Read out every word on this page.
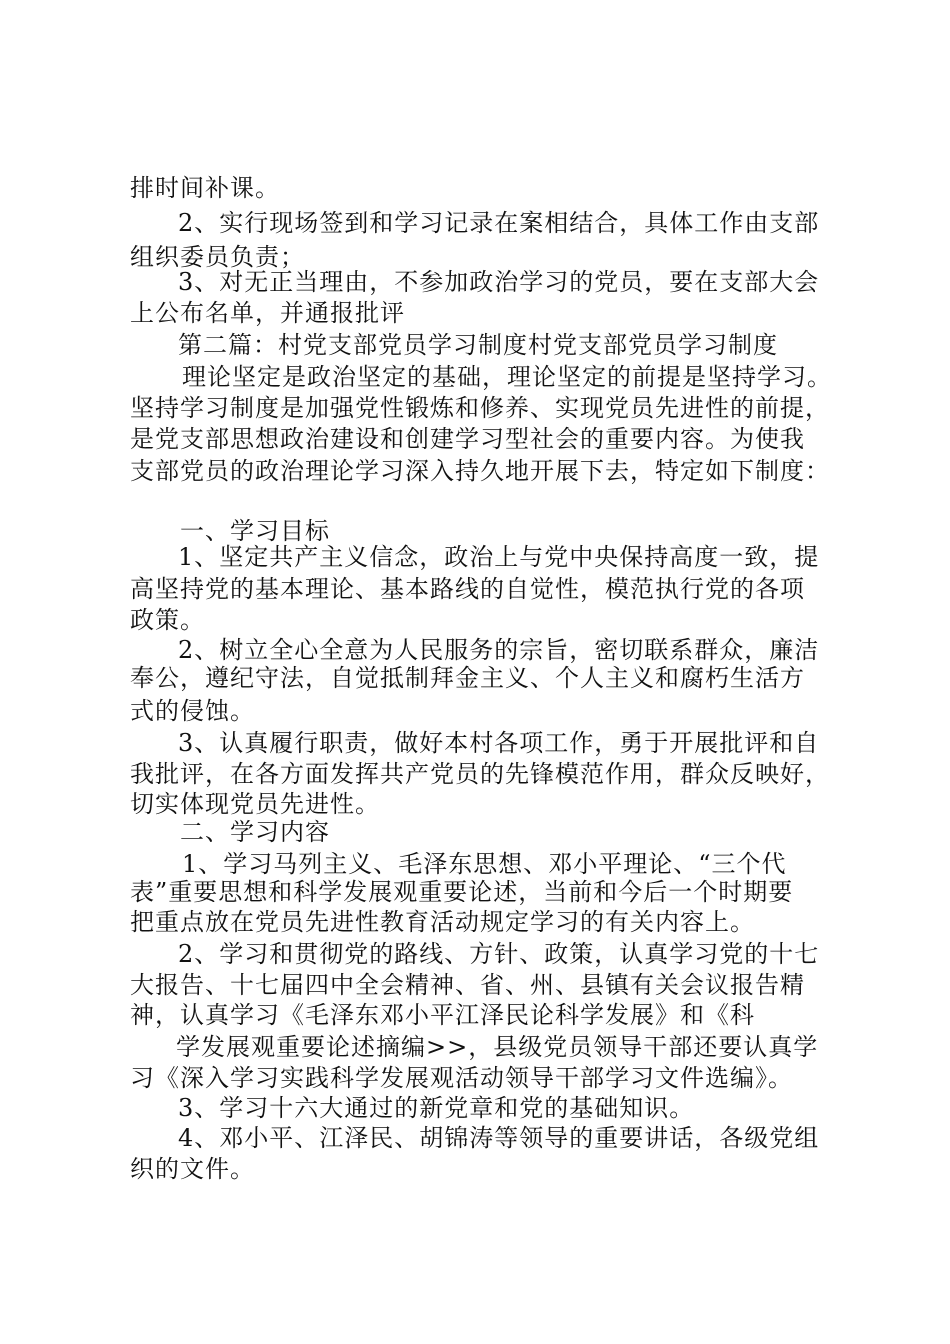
排时间补课。
2、实行现场签到和学习记录在案相结合，具体工作由支部
组织委员负责；
3、对无正当理由，不参加政治学习的党员，要在支部大会
上公布名单，并通报批评
第二篇：村党支部党员学习制度村党支部党员学习制度
理论坚定是政治坚定的基础，理论坚定的前提是坚持学习。
坚持学习制度是加强党性锻炼和修养、实现党员先进性的前提，
是党支部思想政治建设和创建学习型社会的重要内容。为使我
支部党员的政治理论学习深入持久地开展下去，特定如下制度：
一、学习目标
1、坚定共产主义信念，政治上与党中央保持高度一致，提
高坚持党的基本理论、基本路线的自觉性，模范执行党的各项
政策。
2、树立全心全意为人民服务的宗旨，密切联系群众，廉洁
奉公，遵纪守法，自觉抵制拜金主义、个人主义和腐朽生活方
式的侵蚀。
3、认真履行职责，做好本村各项工作，勇于开展批评和自
我批评，在各方面发挥共产党员的先锋模范作用，群众反映好，
切实体现党员先进性。
二、学习内容
1、学习马列主义、毛泽东思想、邓小平理论、“三个代
表”重要思想和科学发展观重要论述，当前和今后一个时期要
把重点放在党员先进性教育活动规定学习的有关内容上。
2、学习和贯彻党的路线、方针、政策，认真学习党的十七
大报告、十七届四中全会精神、省、州、县镇有关会议报告精
神，认真学习《毛泽东邓小平江泽民论科学发展》和《科
学发展观重要论述摘编>>，县级党员领导干部还要认真学
习《深入学习实践科学发展观活动领导干部学习文件选编》。
3、学习十六大通过的新党章和党的基础知识。
4、邓小平、江泽民、胡锦涛等领导的重要讲话，各级党组
织的文件。
